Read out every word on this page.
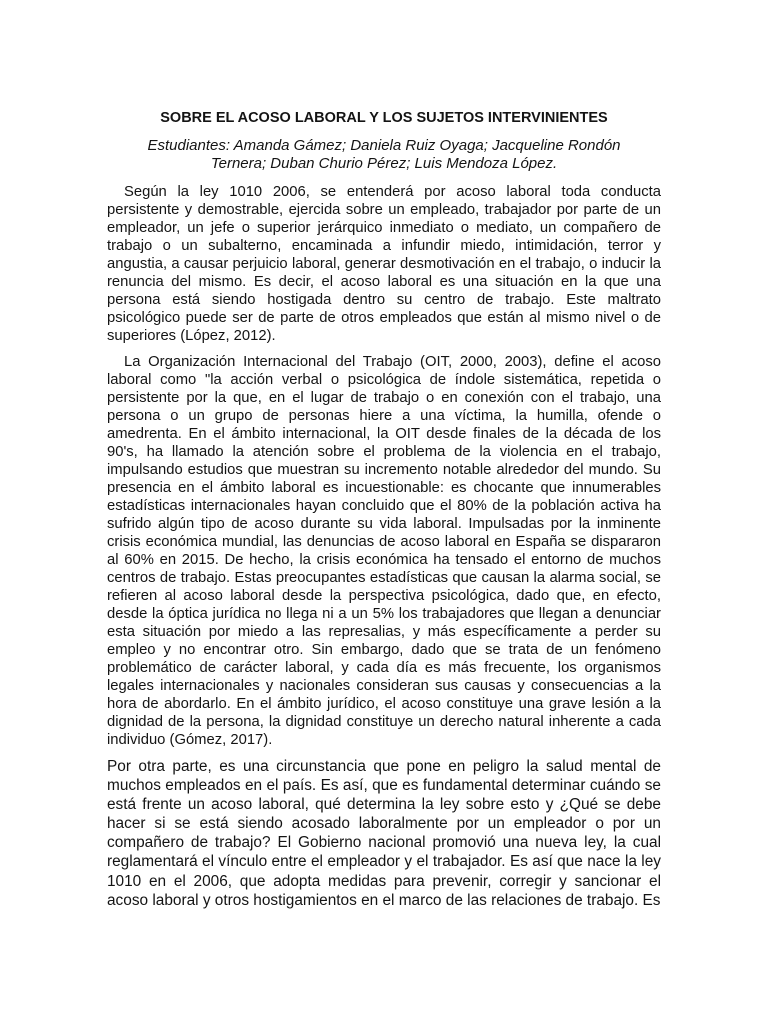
SOBRE EL ACOSO LABORAL Y LOS SUJETOS INTERVINIENTES
Estudiantes: Amanda Gámez; Daniela Ruiz Oyaga; Jacqueline Rondón
Ternera; Duban Churio Pérez; Luis Mendoza López.

Según la ley 1010 2006, se entenderá por acoso laboral toda conducta persistente y demostrable, ejercida sobre un empleado, trabajador por parte de un empleador, un jefe o superior jerárquico inmediato o mediato, un compañero de trabajo o un subalterno, encaminada a infundir miedo, intimidación, terror y angustia, a causar perjuicio laboral, generar desmotivación en el trabajo, o inducir la renuncia del mismo. Es decir, el acoso laboral es una situación en la que una persona está siendo hostigada dentro su centro de trabajo. Este maltrato psicológico puede ser de parte de otros empleados que están al mismo nivel o de superiores (López, 2012).

La Organización Internacional del Trabajo (OIT, 2000, 2003), define el acoso laboral como "la acción verbal o psicológica de índole sistemática, repetida o persistente por la que, en el lugar de trabajo o en conexión con el trabajo, una persona o un grupo de personas hiere a una víctima, la humilla, ofende o amedrenta. En el ámbito internacional, la OIT desde finales de la década de los 90's, ha llamado la atención sobre el problema de la violencia en el trabajo, impulsando estudios que muestran su incremento notable alrededor del mundo. Su presencia en el ámbito laboral es incuestionable: es chocante que innumerables estadísticas internacionales hayan concluido que el 80% de la población activa ha sufrido algún tipo de acoso durante su vida laboral. Impulsadas por la inminente crisis económica mundial, las denuncias de acoso laboral en España se dispararon al 60% en 2015. De hecho, la crisis económica ha tensado el entorno de muchos centros de trabajo. Estas preocupantes estadísticas que causan la alarma social, se refieren al acoso laboral desde la perspectiva psicológica, dado que, en efecto, desde la óptica jurídica no llega ni a un 5% los trabajadores que llegan a denunciar esta situación por miedo a las represalias, y más específicamente a perder su empleo y no encontrar otro. Sin embargo, dado que se trata de un fenómeno problemático de carácter laboral, y cada día es más frecuente, los organismos legales internacionales y nacionales consideran sus causas y consecuencias a la hora de abordarlo. En el ámbito jurídico, el acoso constituye una grave lesión a la dignidad de la persona, la dignidad constituye un derecho natural inherente a cada individuo (Gómez, 2017).

Por otra parte, es una circunstancia que pone en peligro la salud mental de muchos empleados en el país. Es así, que es fundamental determinar cuándo se está frente un acoso laboral, qué determina la ley sobre esto y ¿Qué se debe hacer si se está siendo acosado laboralmente por un empleador o por un compañero de trabajo? El Gobierno nacional promovió una nueva ley, la cual reglamentará el vínculo entre el empleador y el trabajador. Es así que nace la ley 1010 en el 2006, que adopta medidas para prevenir, corregir y sancionar el acoso laboral y otros hostigamientos en el marco de las relaciones de trabajo. Es
